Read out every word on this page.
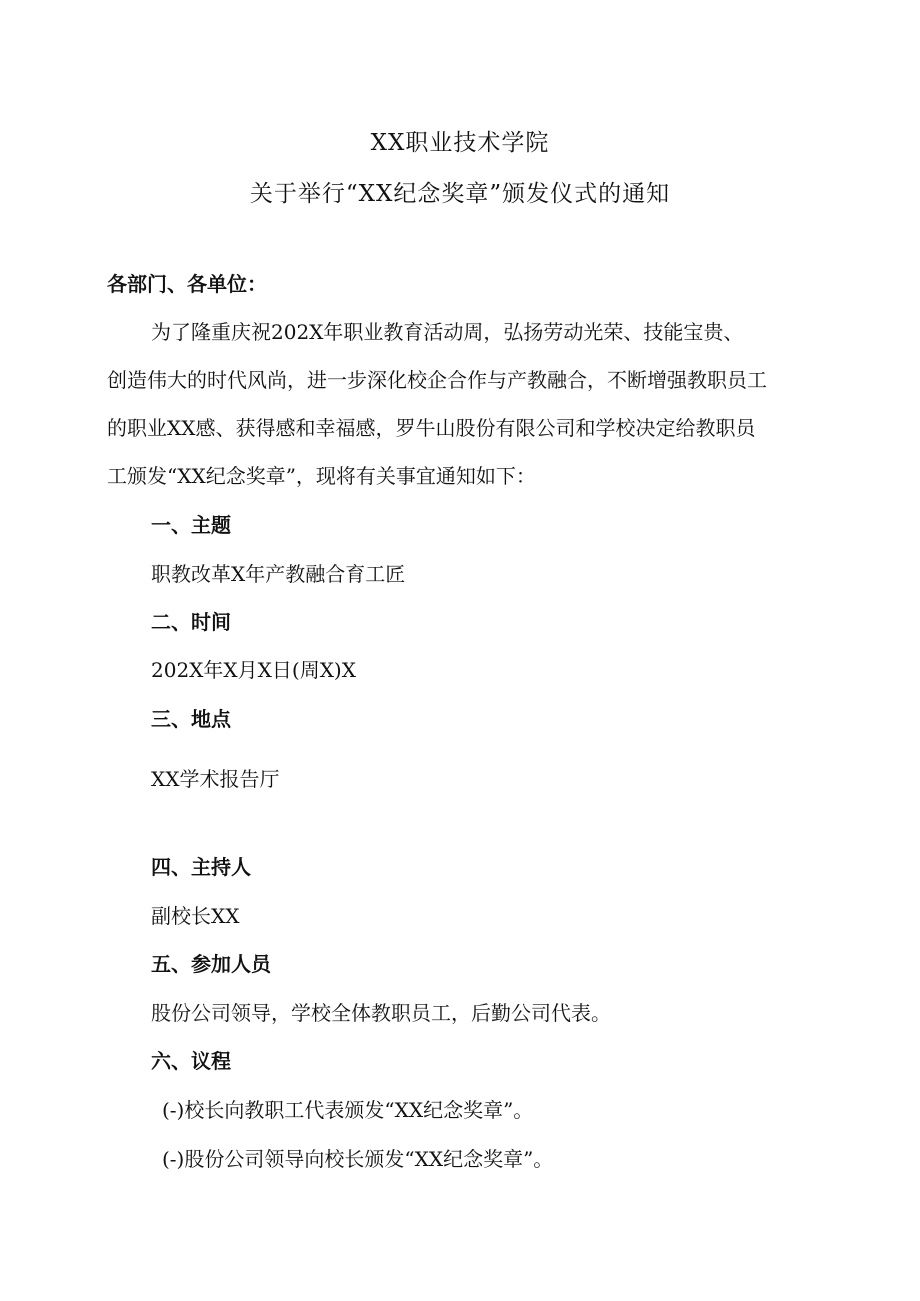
XX职业技术学院
关于举行“XX纪念奖章”颁发仪式的通知
各部门、各单位：
为了隆重庆祝202X年职业教育活动周，弘扬劳动光荣、技能宝贵、
创造伟大的时代风尚，进一步深化校企合作与产教融合，不断增强教职员工
的职业XX感、获得感和幸福感，罗牛山股份有限公司和学校决定给教职员
工颁发“XX纪念奖章”，现将有关事宜通知如下：
一、主题
职教改革X年产教融合育工匠
二、时间
202X年X月X日(周X)X
三、地点
XX学术报告厅
四、主持人
副校长XX
五、参加人员
股份公司领导，学校全体教职员工，后勤公司代表。
六、议程
(-)校长向教职工代表颁发“XX纪念奖章”。
(-)股份公司领导向校长颁发“XX纪念奖章”。
